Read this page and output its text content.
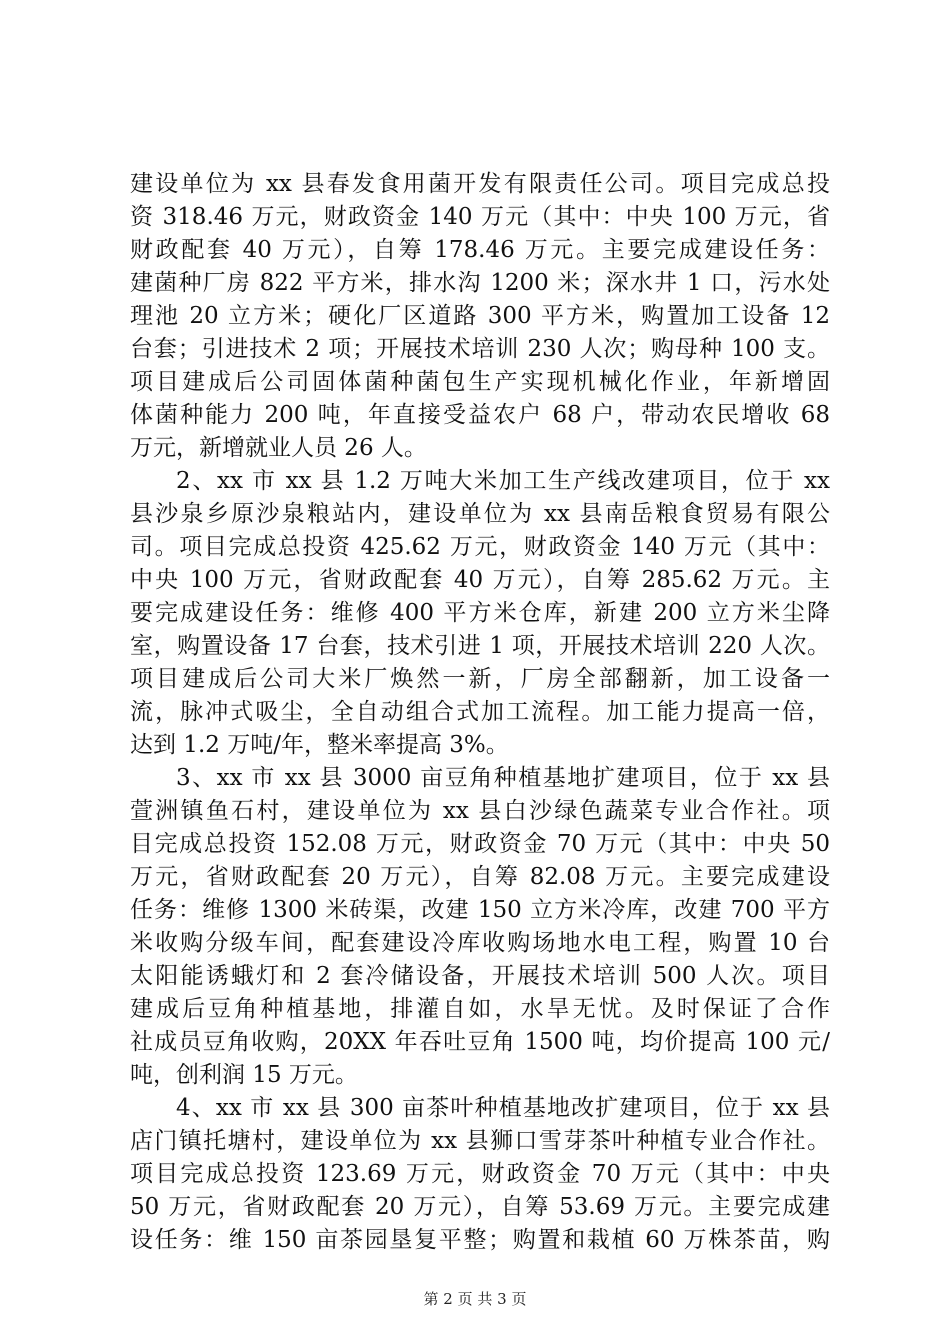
建设单位为 xx 县春发食用菌开发有限责任公司。项目完成总投
资 318.46 万元，财政资金 140 万元（其中：中央 100 万元，省
财政配套 40 万元），自筹 178.46 万元。主要完成建设任务：
建菌种厂房 822 平方米，排水沟 1200 米；深水井 1 口，污水处
理池 20 立方米；硬化厂区道路 300 平方米，购置加工设备 12
台套；引进技术 2 项；开展技术培训 230 人次；购母种 100 支。
项目建成后公司固体菌种菌包生产实现机械化作业，年新增固
体菌种能力 200 吨，年直接受益农户 68 户，带动农民增收 68
万元，新增就业人员 26 人。
2、xx 市 xx 县 1.2 万吨大米加工生产线改建项目，位于 xx
县沙泉乡原沙泉粮站内，建设单位为 xx 县南岳粮食贸易有限公
司。项目完成总投资 425.62 万元，财政资金 140 万元（其中：
中央 100 万元，省财政配套 40 万元），自筹 285.62 万元。主
要完成建设任务：维修 400 平方米仓库，新建 200 立方米尘降
室，购置设备 17 台套，技术引进 1 项，开展技术培训 220 人次。
项目建成后公司大米厂焕然一新，厂房全部翻新，加工设备一
流，脉冲式吸尘，全自动组合式加工流程。加工能力提高一倍，
达到 1.2 万吨/年，整米率提高 3%。
3、xx 市 xx 县 3000 亩豆角种植基地扩建项目，位于 xx 县
萱洲镇鱼石村，建设单位为 xx 县白沙绿色蔬菜专业合作社。项
目完成总投资 152.08 万元，财政资金 70 万元（其中：中央 50
万元，省财政配套 20 万元），自筹 82.08 万元。主要完成建设
任务：维修 1300 米砖渠，改建 150 立方米冷库，改建 700 平方
米收购分级车间，配套建设冷库收购场地水电工程，购置 10 台
太阳能诱蛾灯和 2 套冷储设备，开展技术培训 500 人次。项目
建成后豆角种植基地，排灌自如，水旱无忧。及时保证了合作
社成员豆角收购，20XX 年吞吐豆角 1500 吨，均价提高 100 元/
吨，创利润 15 万元。
4、xx 市 xx 县 300 亩茶叶种植基地改扩建项目，位于 xx 县
店门镇托塘村，建设单位为 xx 县狮口雪芽茶叶种植专业合作社。
项目完成总投资 123.69 万元，财政资金 70 万元（其中：中央
50 万元，省财政配套 20 万元），自筹 53.69 万元。主要完成建
设任务：维 150 亩茶园垦复平整；购置和栽植 60 万株茶苗，购
第 2 页 共 3 页
